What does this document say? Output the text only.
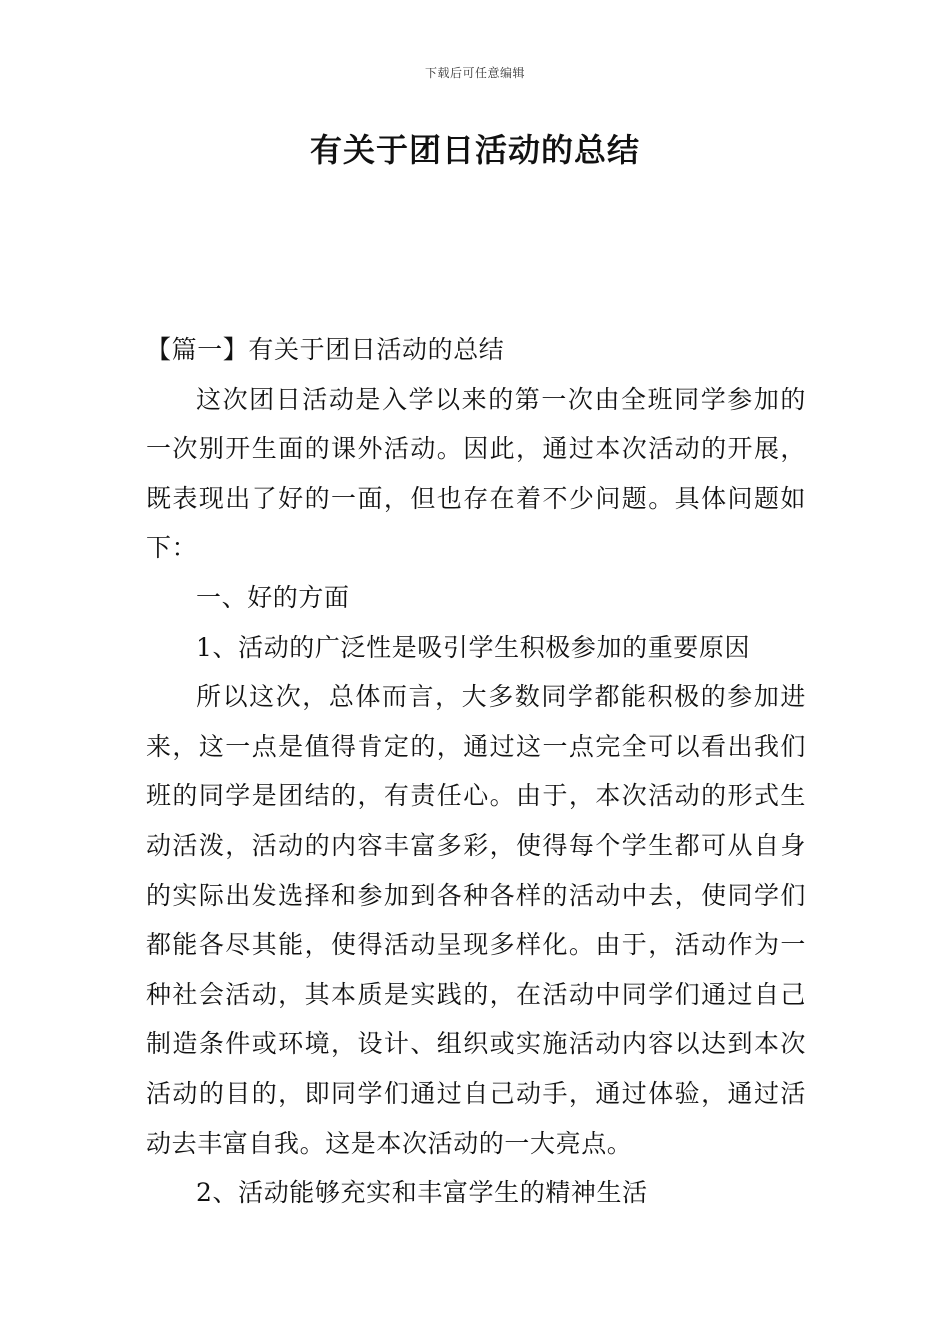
下载后可任意编辑
有关于团日活动的总结

【篇一】有关于团日活动的总结

这次团日活动是入学以来的第一次由全班同学参加的一次别开生面的课外活动。因此，通过本次活动的开展，既表现出了好的一面，但也存在着不少问题。具体问题如下：

一、好的方面

1、活动的广泛性是吸引学生积极参加的重要原因

所以这次，总体而言，大多数同学都能积极的参加进来，这一点是值得肯定的，通过这一点完全可以看出我们班的同学是团结的，有责任心。由于，本次活动的形式生动活泼，活动的内容丰富多彩，使得每个学生都可从自身的实际出发选择和参加到各种各样的活动中去，使同学们都能各尽其能，使得活动呈现多样化。由于，活动作为一种社会活动，其本质是实践的，在活动中同学们通过自己制造条件或环境，设计、组织或实施活动内容以达到本次活动的目的，即同学们通过自己动手，通过体验，通过活动去丰富自我。这是本次活动的一大亮点。

2、活动能够充实和丰富学生的精神生活
